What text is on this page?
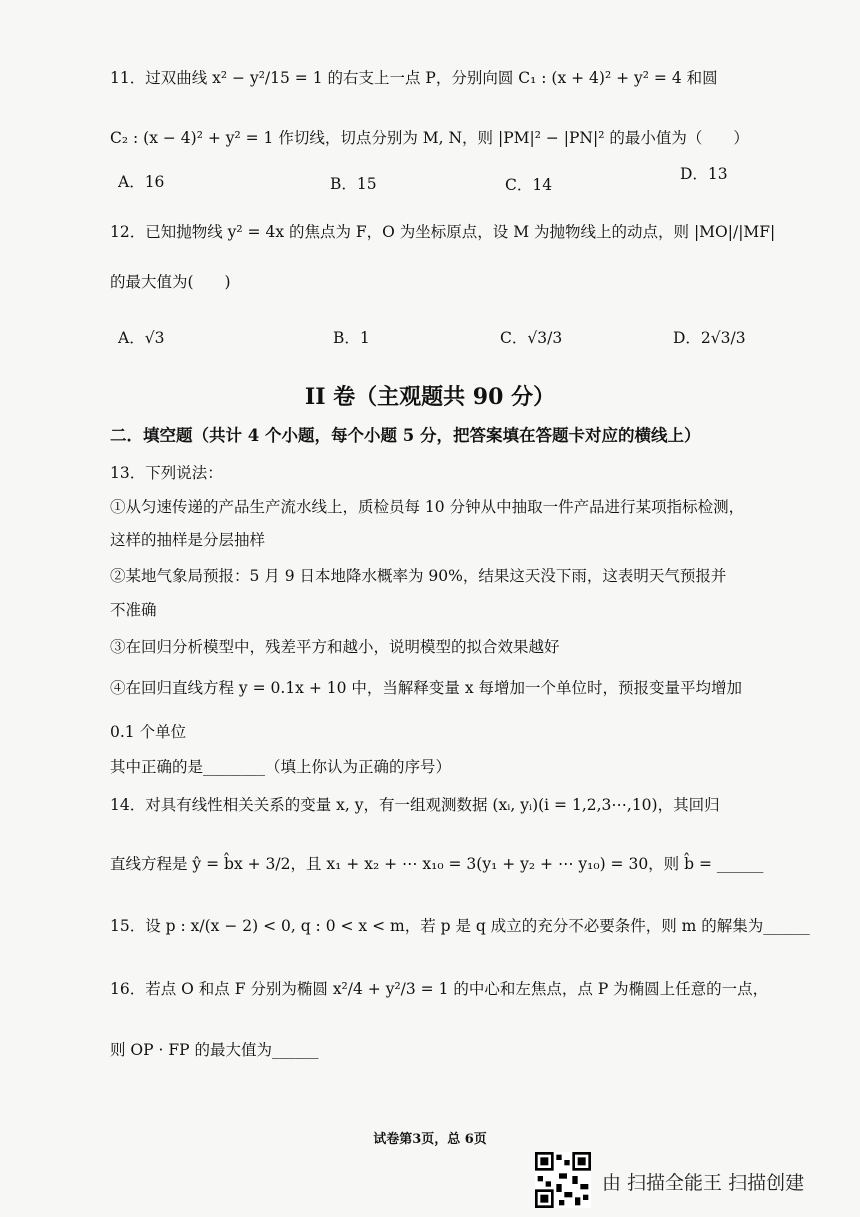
11．过双曲线 x² − y²/15 = 1 的右支上一点 P，分别向圆 C₁ : (x + 4)² + y² = 4 和圆
C₂ : (x − 4)² + y² = 1 作切线，切点分别为 M, N，则 |PM|² − |PN|² 的最小值为（　　）
A．16	B．15	C．14
D．13
12．已知抛物线 y² = 4x 的焦点为 F，O 为坐标原点，设 M 为抛物线上的动点，则 |MO|/|MF|
的最大值为(　　)
A．√3	B．1	C．√3/3	D．2√3/3
II 卷（主观题共 90 分）
二．填空题（共计 4 个小题，每个小题 5 分，把答案填在答题卡对应的横线上）
13．下列说法：
①从匀速传递的产品生产流水线上，质检员每 10 分钟从中抽取一件产品进行某项指标检测，
这样的抽样是分层抽样
②某地气象局预报：5 月 9 日本地降水概率为 90%，结果这天没下雨，这表明天气预报并
不准确
③在回归分析模型中，残差平方和越小，说明模型的拟合效果越好
④在回归直线方程 y = 0.1x + 10 中，当解释变量 x 每增加一个单位时，预报变量平均增加
0.1 个单位
其中正确的是________（填上你认为正确的序号）
14．对具有线性相关关系的变量 x, y，有一组观测数据 (xᵢ, yᵢ)(i = 1,2,3⋯,10)，其回归
直线方程是 ŷ = b̂x + 3/2，且 x₁ + x₂ + ⋯ x₁₀ = 3(y₁ + y₂ + ⋯ y₁₀) = 30，则 b̂ = ______
15．设 p : x/(x − 2) < 0, q : 0 < x < m，若 p 是 q 成立的充分不必要条件，则 m 的解集为______
16．若点 O 和点 F 分别为椭圆 x²/4 + y²/3 = 1 的中心和左焦点，点 P 为椭圆上任意的一点，
则 OP · FP 的最大值为______
试卷第3页，总 6页
由 扫描全能王 扫描创建
